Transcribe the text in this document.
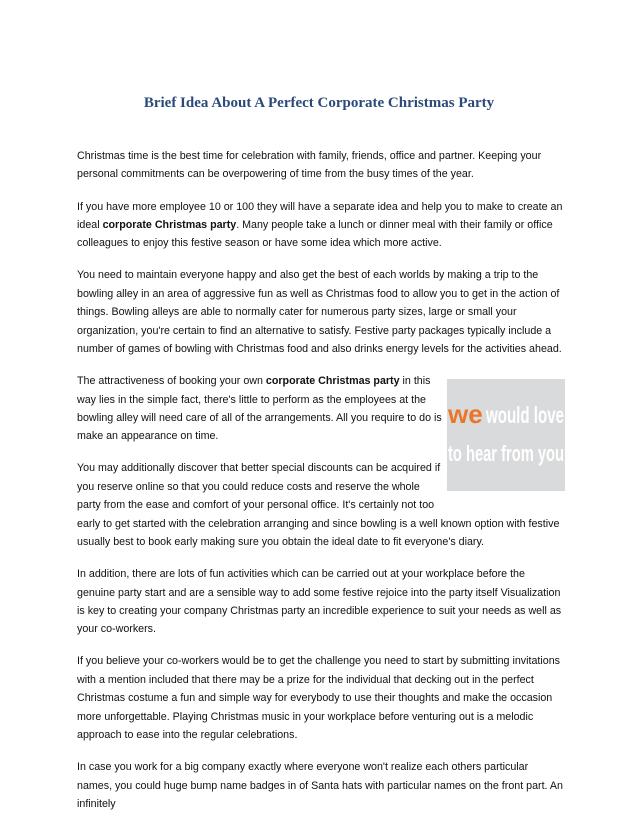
Brief Idea About A Perfect Corporate Christmas Party

Christmas time is the best time for celebration with family, friends, office and partner. Keeping your personal commitments can be overpowering of time from the busy times of the year.

If you have more employee 10 or 100 they will have a separate idea and help you to make to create an ideal corporate Christmas party. Many people take a lunch or dinner meal with their family or office colleagues to enjoy this festive season or have some idea which more active.

You need to maintain everyone happy and also get the best of each worlds by making a trip to the bowling alley in an area of aggressive fun as well as Christmas food to allow you to get in the action of things. Bowling alleys are able to normally cater for numerous party sizes, large or small your organization, you're certain to find an alternative to satisfy. Festive party packages typically include a number of games of bowling with Christmas food and also drinks energy levels for the activities ahead.

we would love
to hear from you

The attractiveness of booking your own corporate Christmas party in this way lies in the simple fact, there's little to perform as the employees at the bowling alley will need care of all of the arrangements. All you require to do is make an appearance on time.

You may additionally discover that better special discounts can be acquired if you reserve online so that you could reduce costs and reserve the whole party from the ease and comfort of your personal office. It's certainly not too early to get started with the celebration arranging and since bowling is a well known option with festive usually best to book early making sure you obtain the ideal date to fit everyone's diary.

In addition, there are lots of fun activities which can be carried out at your workplace before the genuine party start and are a sensible way to add some festive rejoice into the party itself Visualization is key to creating your company Christmas party an incredible experience to suit your needs as well as your co-workers.

If you believe your co-workers would be to get the challenge you need to start by submitting invitations with a mention included that there may be a prize for the individual that decking out in the perfect Christmas costume a fun and simple way for everybody to use their thoughts and make the occasion more unforgettable. Playing Christmas music in your workplace before venturing out is a melodic approach to ease into the regular celebrations.

In case you work for a big company exactly where everyone won't realize each others particular names, you could huge bump name badges in of Santa hats with particular names on the front part. An infinitely
